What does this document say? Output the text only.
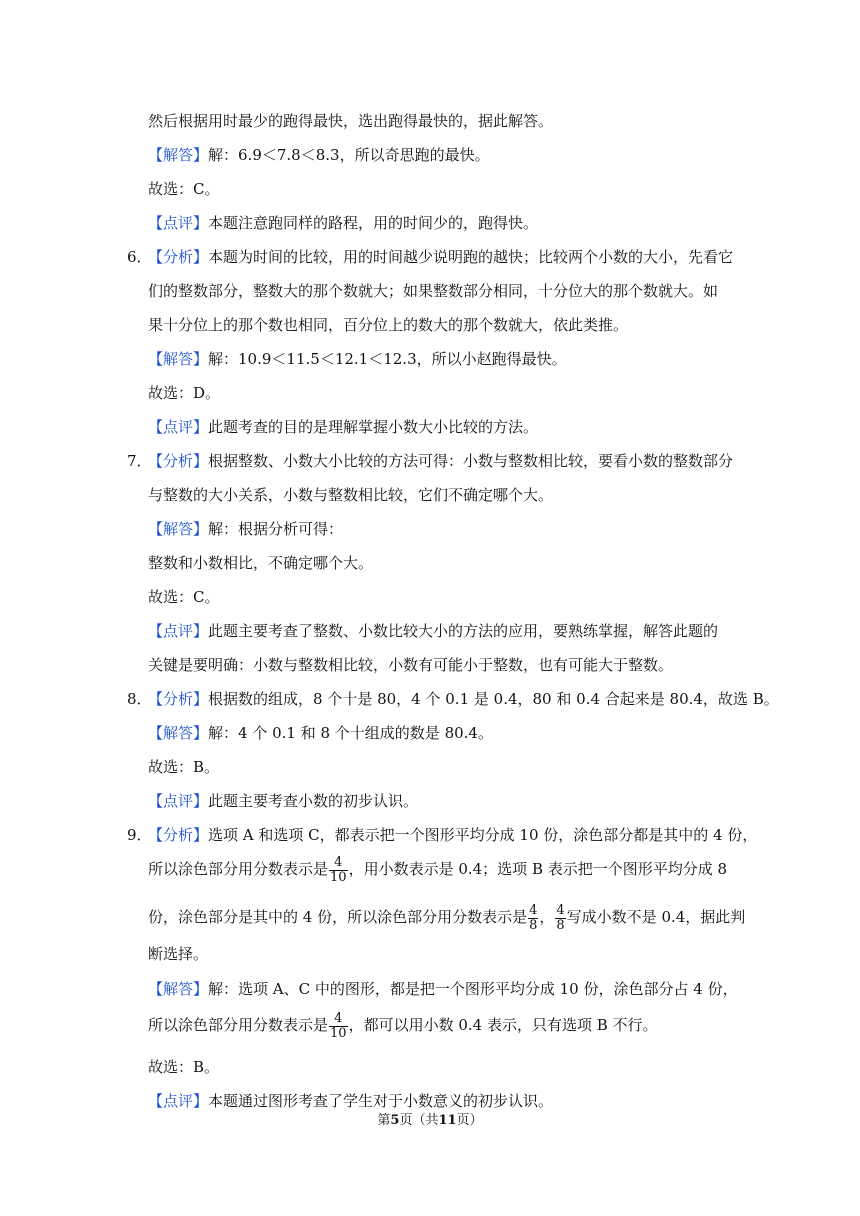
然后根据用时最少的跑得最快，选出跑得最快的，据此解答。
【解答】解：6.9＜7.8＜8.3，所以奇思跑的最快。
故选：C。
【点评】本题注意跑同样的路程，用的时间少的，跑得快。
6．
【分析】本题为时间的比较，用的时间越少说明跑的越快；比较两个小数的大小，先看它
们的整数部分，整数大的那个数就大；如果整数部分相同，十分位大的那个数就大。如
果十分位上的那个数也相同，百分位上的数大的那个数就大，依此类推。
【解答】解：10.9＜11.5＜12.1＜12.3，所以小赵跑得最快。
故选：D。
【点评】此题考查的目的是理解掌握小数大小比较的方法。
7．
【分析】根据整数、小数大小比较的方法可得：小数与整数相比较，要看小数的整数部分
与整数的大小关系，小数与整数相比较，它们不确定哪个大。
【解答】解：根据分析可得：
整数和小数相比，不确定哪个大。
故选：C。
【点评】此题主要考查了整数、小数比较大小的方法的应用，要熟练掌握，解答此题的
关键是要明确：小数与整数相比较，小数有可能小于整数，也有可能大于整数。
8．
【分析】根据数的组成，8 个十是 80，4 个 0.1 是 0.4，80 和 0.4 合起来是 80.4，故选 B。
【解答】解：4 个 0.1 和 8 个十组成的数是 80.4。
故选：B。
【点评】此题主要考查小数的初步认识。
9．
【分析】选项 A 和选项 C，都表示把一个图形平均分成 10 份，涂色部分都是其中的 4 份，
所以涂色部分用分数表示是 $\frac{4}{10}$ ，用小数表示是 0.4；选项 B 表示把一个图形平均分成 8
份，涂色部分是其中的 4 份，所以涂色部分用分数表示是 $\frac{4}{8}$ ， $\frac{4}{8}$ 写成小数不是 0.4，据此判
断选择。
【解答】解：选项 A、C 中的图形，都是把一个图形平均分成 10 份，涂色部分占 4 份，
所以涂色部分用分数表示是 $\frac{4}{10}$ ，都可以用小数 0.4 表示，只有选项 B 不行。
故选：B。
【点评】本题通过图形考查了学生对于小数意义的初步认识。
第5页（共11页）
